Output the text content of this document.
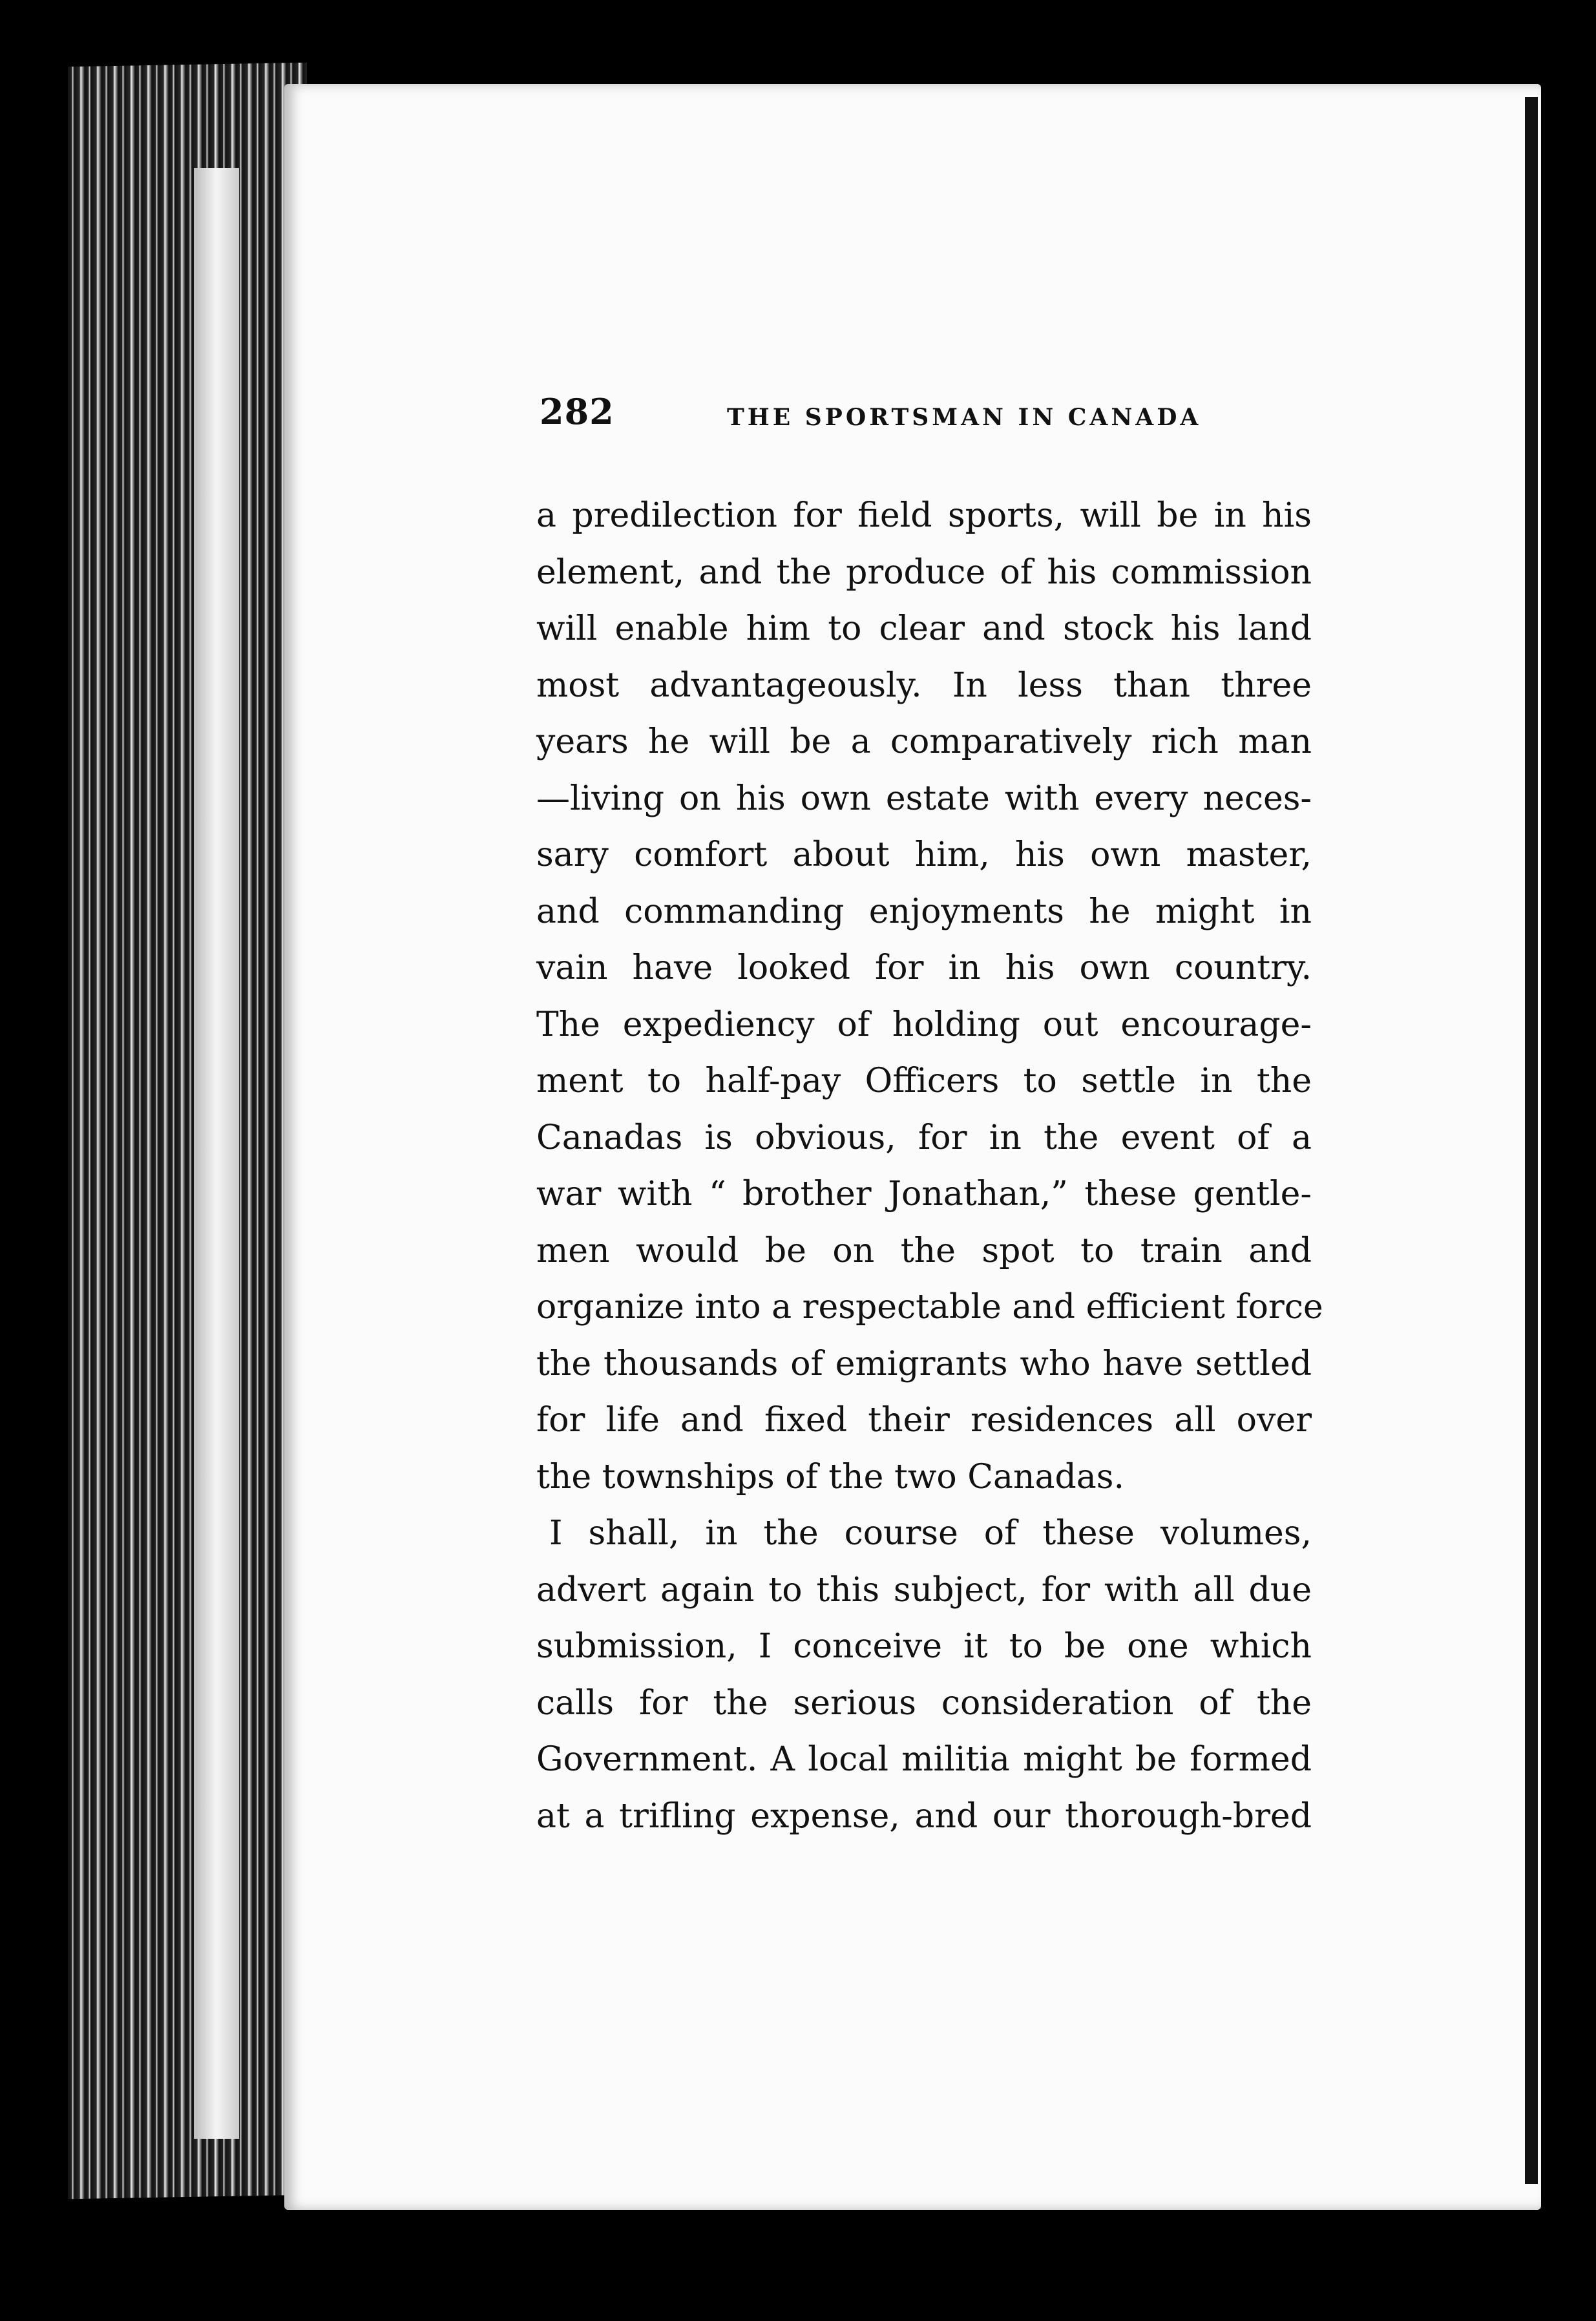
282	THE SPORTSMAN IN CANADA
a predilection for field sports, will be in his
element, and the produce of his commission
will enable him to clear and stock his land
most advantageously. In less than three
years he will be a comparatively rich man
—living on his own estate with every neces-
sary comfort about him, his own master,
and commanding enjoyments he might in
vain have looked for in his own country.
The expediency of holding out encourage-
ment to half-pay Officers to settle in the
Canadas is obvious, for in the event of a
war with “ brother Jonathan,” these gentle-
men would be on the spot to train and
organize into a respectable and efficient force
the thousands of emigrants who have settled
for life and fixed their residences all over
the townships of the two Canadas.
I shall, in the course of these volumes,
advert again to this subject, for with all due
submission, I conceive it to be one which
calls for the serious consideration of the
Government. A local militia might be formed
at a trifling expense, and our thorough-bred
